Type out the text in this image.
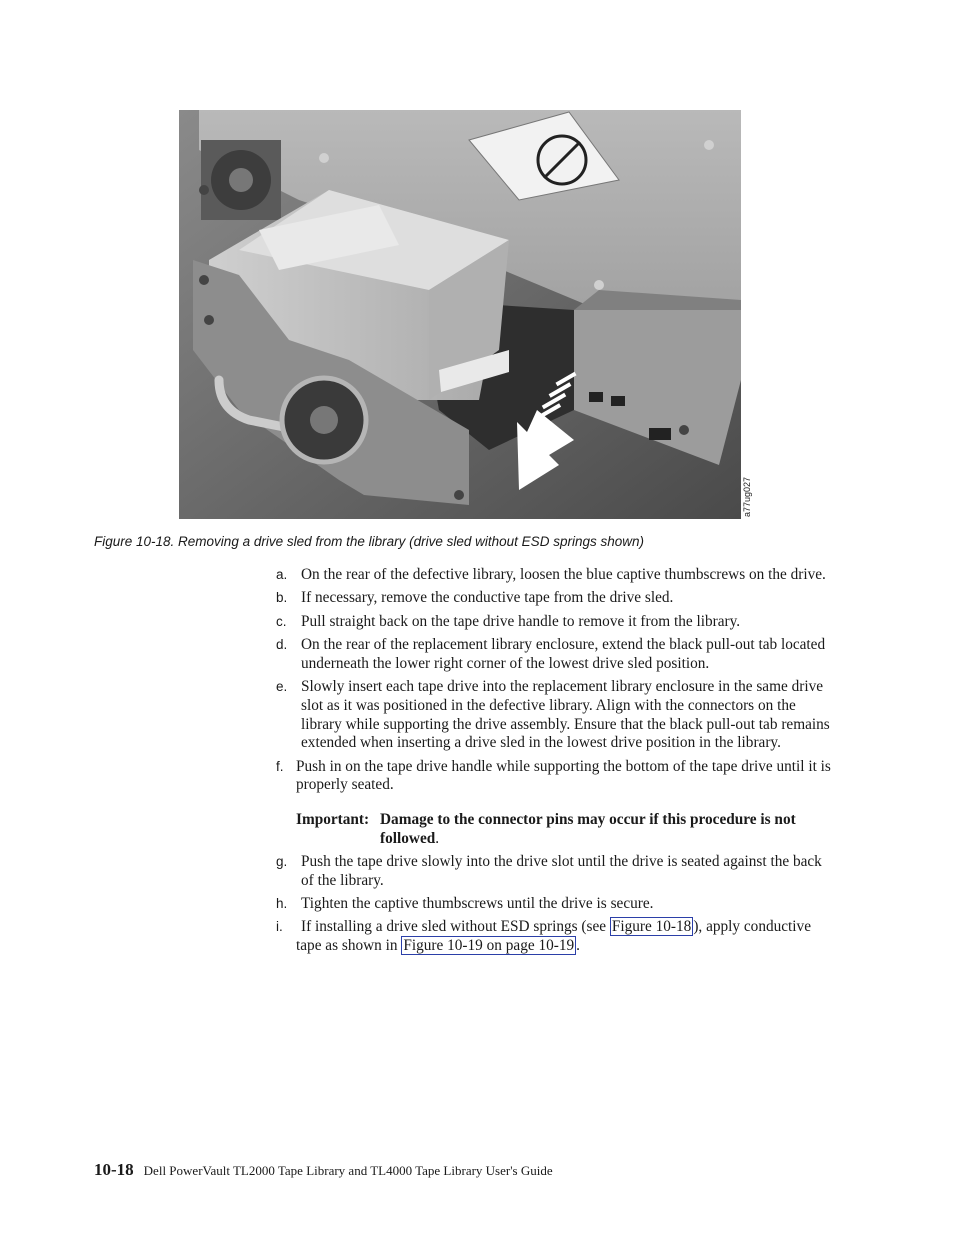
a77ug027
Figure 10-18. Removing a drive sled from the library (drive sled without ESD springs shown)
a. On the rear of the defective library, loosen the blue captive thumbscrews on the drive.
b. If necessary, remove the conductive tape from the drive sled.
c. Pull straight back on the tape drive handle to remove it from the library.
d. On the rear of the replacement library enclosure, extend the black pull-out tab located underneath the lower right corner of the lowest drive sled position.
e. Slowly insert each tape drive into the replacement library enclosure in the same drive slot as it was positioned in the defective library. Align with the connectors on the library while supporting the drive assembly. Ensure that the black pull-out tab remains extended when inserting a drive sled in the lowest drive position in the library.
f. Push in on the tape drive handle while supporting the bottom of the tape drive until it is properly seated.
Important: Damage to the connector pins may occur if this procedure is not followed.
g. Push the tape drive slowly into the drive slot until the drive is seated against the back of the library.
h. Tighten the captive thumbscrews until the drive is secure.
i.	If installing a drive sled without ESD springs (see Figure 10-18 ), apply conductive tape as shown in Figure 10-19 on page 10-19 .
10-18 Dell PowerVault TL2000 Tape Library and TL4000 Tape Library User's Guide
